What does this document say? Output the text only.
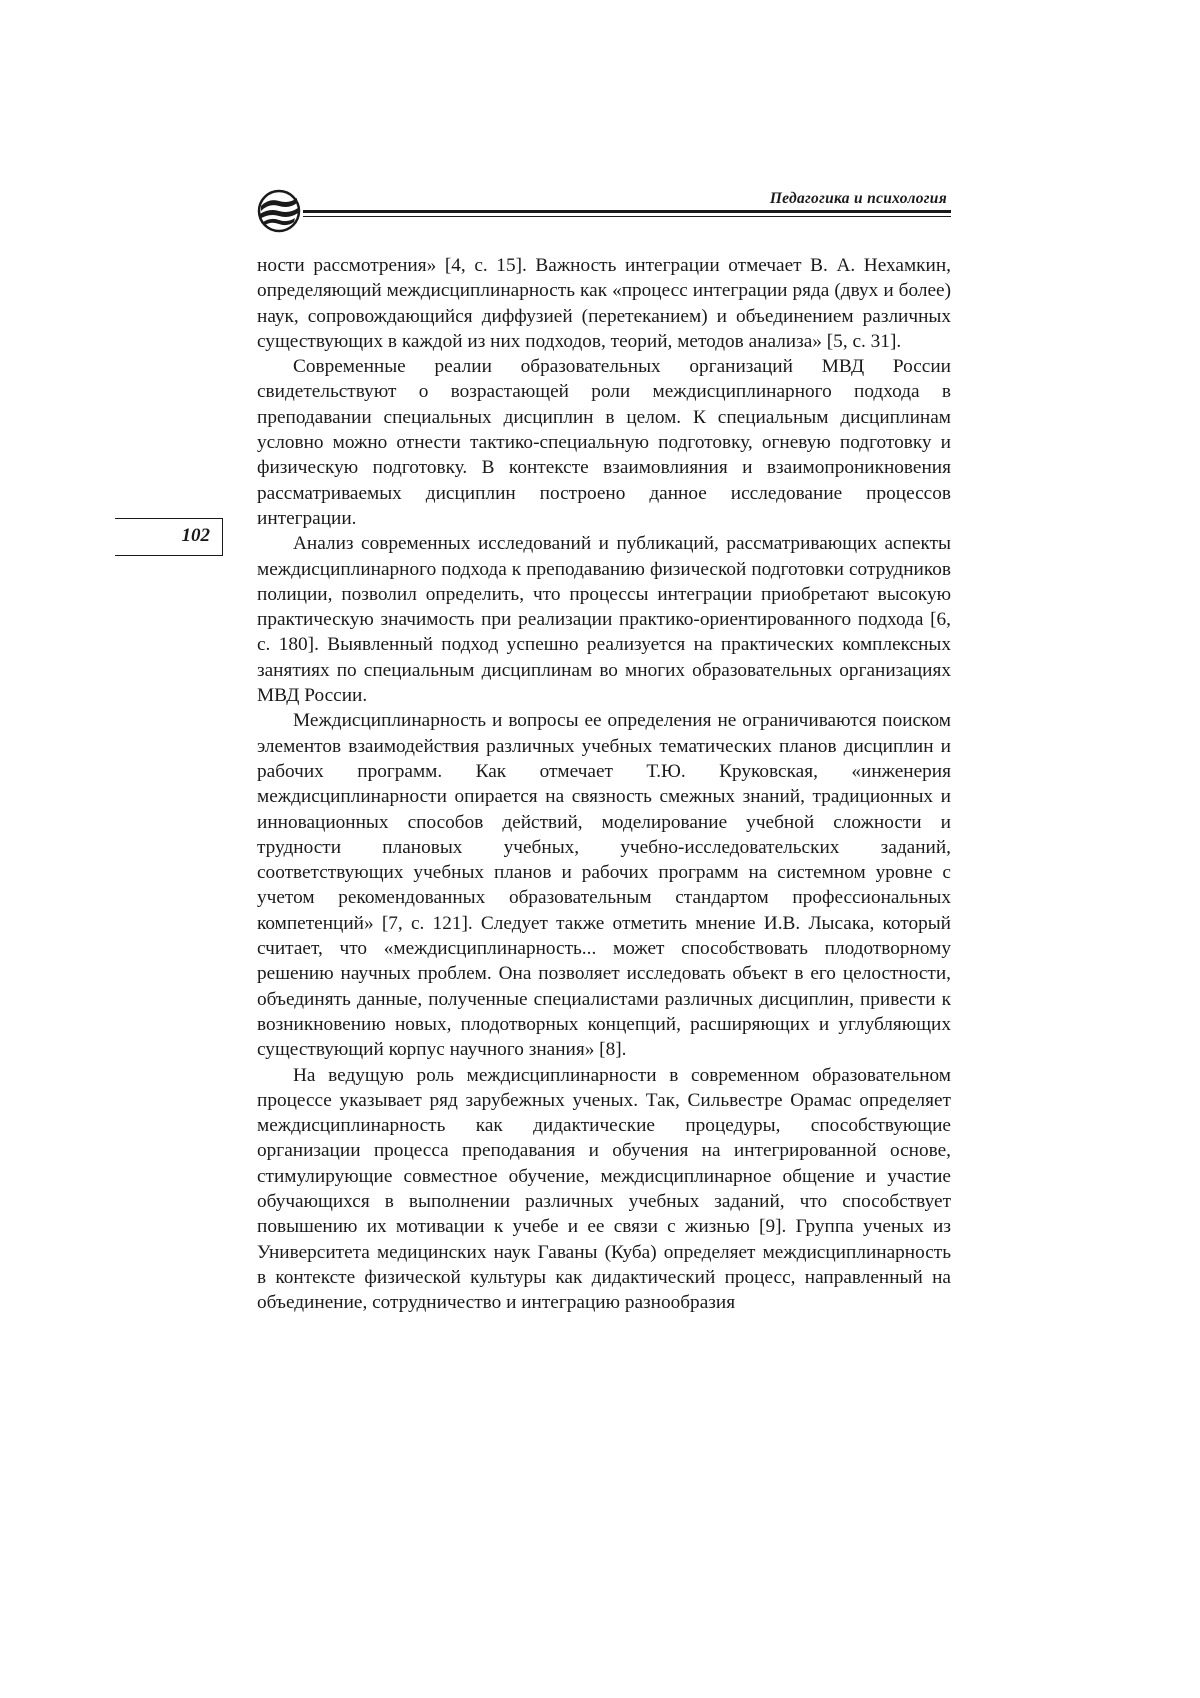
Педагогика и психология
102

ности рассмотрения» [4, с. 15]. Важность интеграции отмечает В. А. Нехамкин, определяющий междисциплинарность как «процесс интеграции ряда (двух и более) наук, сопровождающийся диффузией (перетеканием) и объединением различных существующих в каждой из них подходов, теорий, методов анализа» [5, с. 31].

Современные реалии образовательных организаций МВД России свидетельствуют о возрастающей роли междисциплинарного подхода в преподавании специальных дисциплин в целом. К специальным дисциплинам условно можно отнести тактико-специальную подготовку, огневую подготовку и физическую подготовку. В контексте взаимовлияния и взаимопроникновения рассматриваемых дисциплин построено данное исследование процессов интеграции.

Анализ современных исследований и публикаций, рассматривающих аспекты междисциплинарного подхода к преподаванию физической подготовки сотрудников полиции, позволил определить, что процессы интеграции приобретают высокую практическую значимость при реализации практико-ориентированного подхода [6, с. 180]. Выявленный подход успешно реализуется на практических комплексных занятиях по специальным дисциплинам во многих образовательных организациях МВД России.

Междисциплинарность и вопросы ее определения не ограничиваются поиском элементов взаимодействия различных учебных тематических планов дисциплин и рабочих программ. Как отмечает Т.Ю. Круковская, «инженерия междисциплинарности опирается на связность смежных знаний, традиционных и инновационных способов действий, моделирование учебной сложности и трудности плановых учебных, учебно-исследовательских заданий, соответствующих учебных планов и рабочих программ на системном уровне с учетом рекомендованных образовательным стандартом профессиональных компетенций» [7, с. 121]. Следует также отметить мнение И.В. Лысака, который считает, что «междисциплинарность... может способствовать плодотворному решению научных проблем. Она позволяет исследовать объект в его целостности, объединять данные, полученные специалистами различных дисциплин, привести к возникновению новых, плодотворных концепций, расширяющих и углубляющих существующий корпус научного знания» [8].

На ведущую роль междисциплинарности в современном образовательном процессе указывает ряд зарубежных ученых. Так, Сильвестре Орамас определяет междисциплинарность как дидактические процедуры, способствующие организации процесса преподавания и обучения на интегрированной основе, стимулирующие совместное обучение, междисциплинарное общение и участие обучающихся в выполнении различных учебных заданий, что способствует повышению их мотивации к учебе и ее связи с жизнью [9]. Группа ученых из Университета медицинских наук Гаваны (Куба) определяет междисциплинарность в контексте физической культуры как дидактический процесс, направленный на объединение, сотрудничество и интеграцию разнообразия
